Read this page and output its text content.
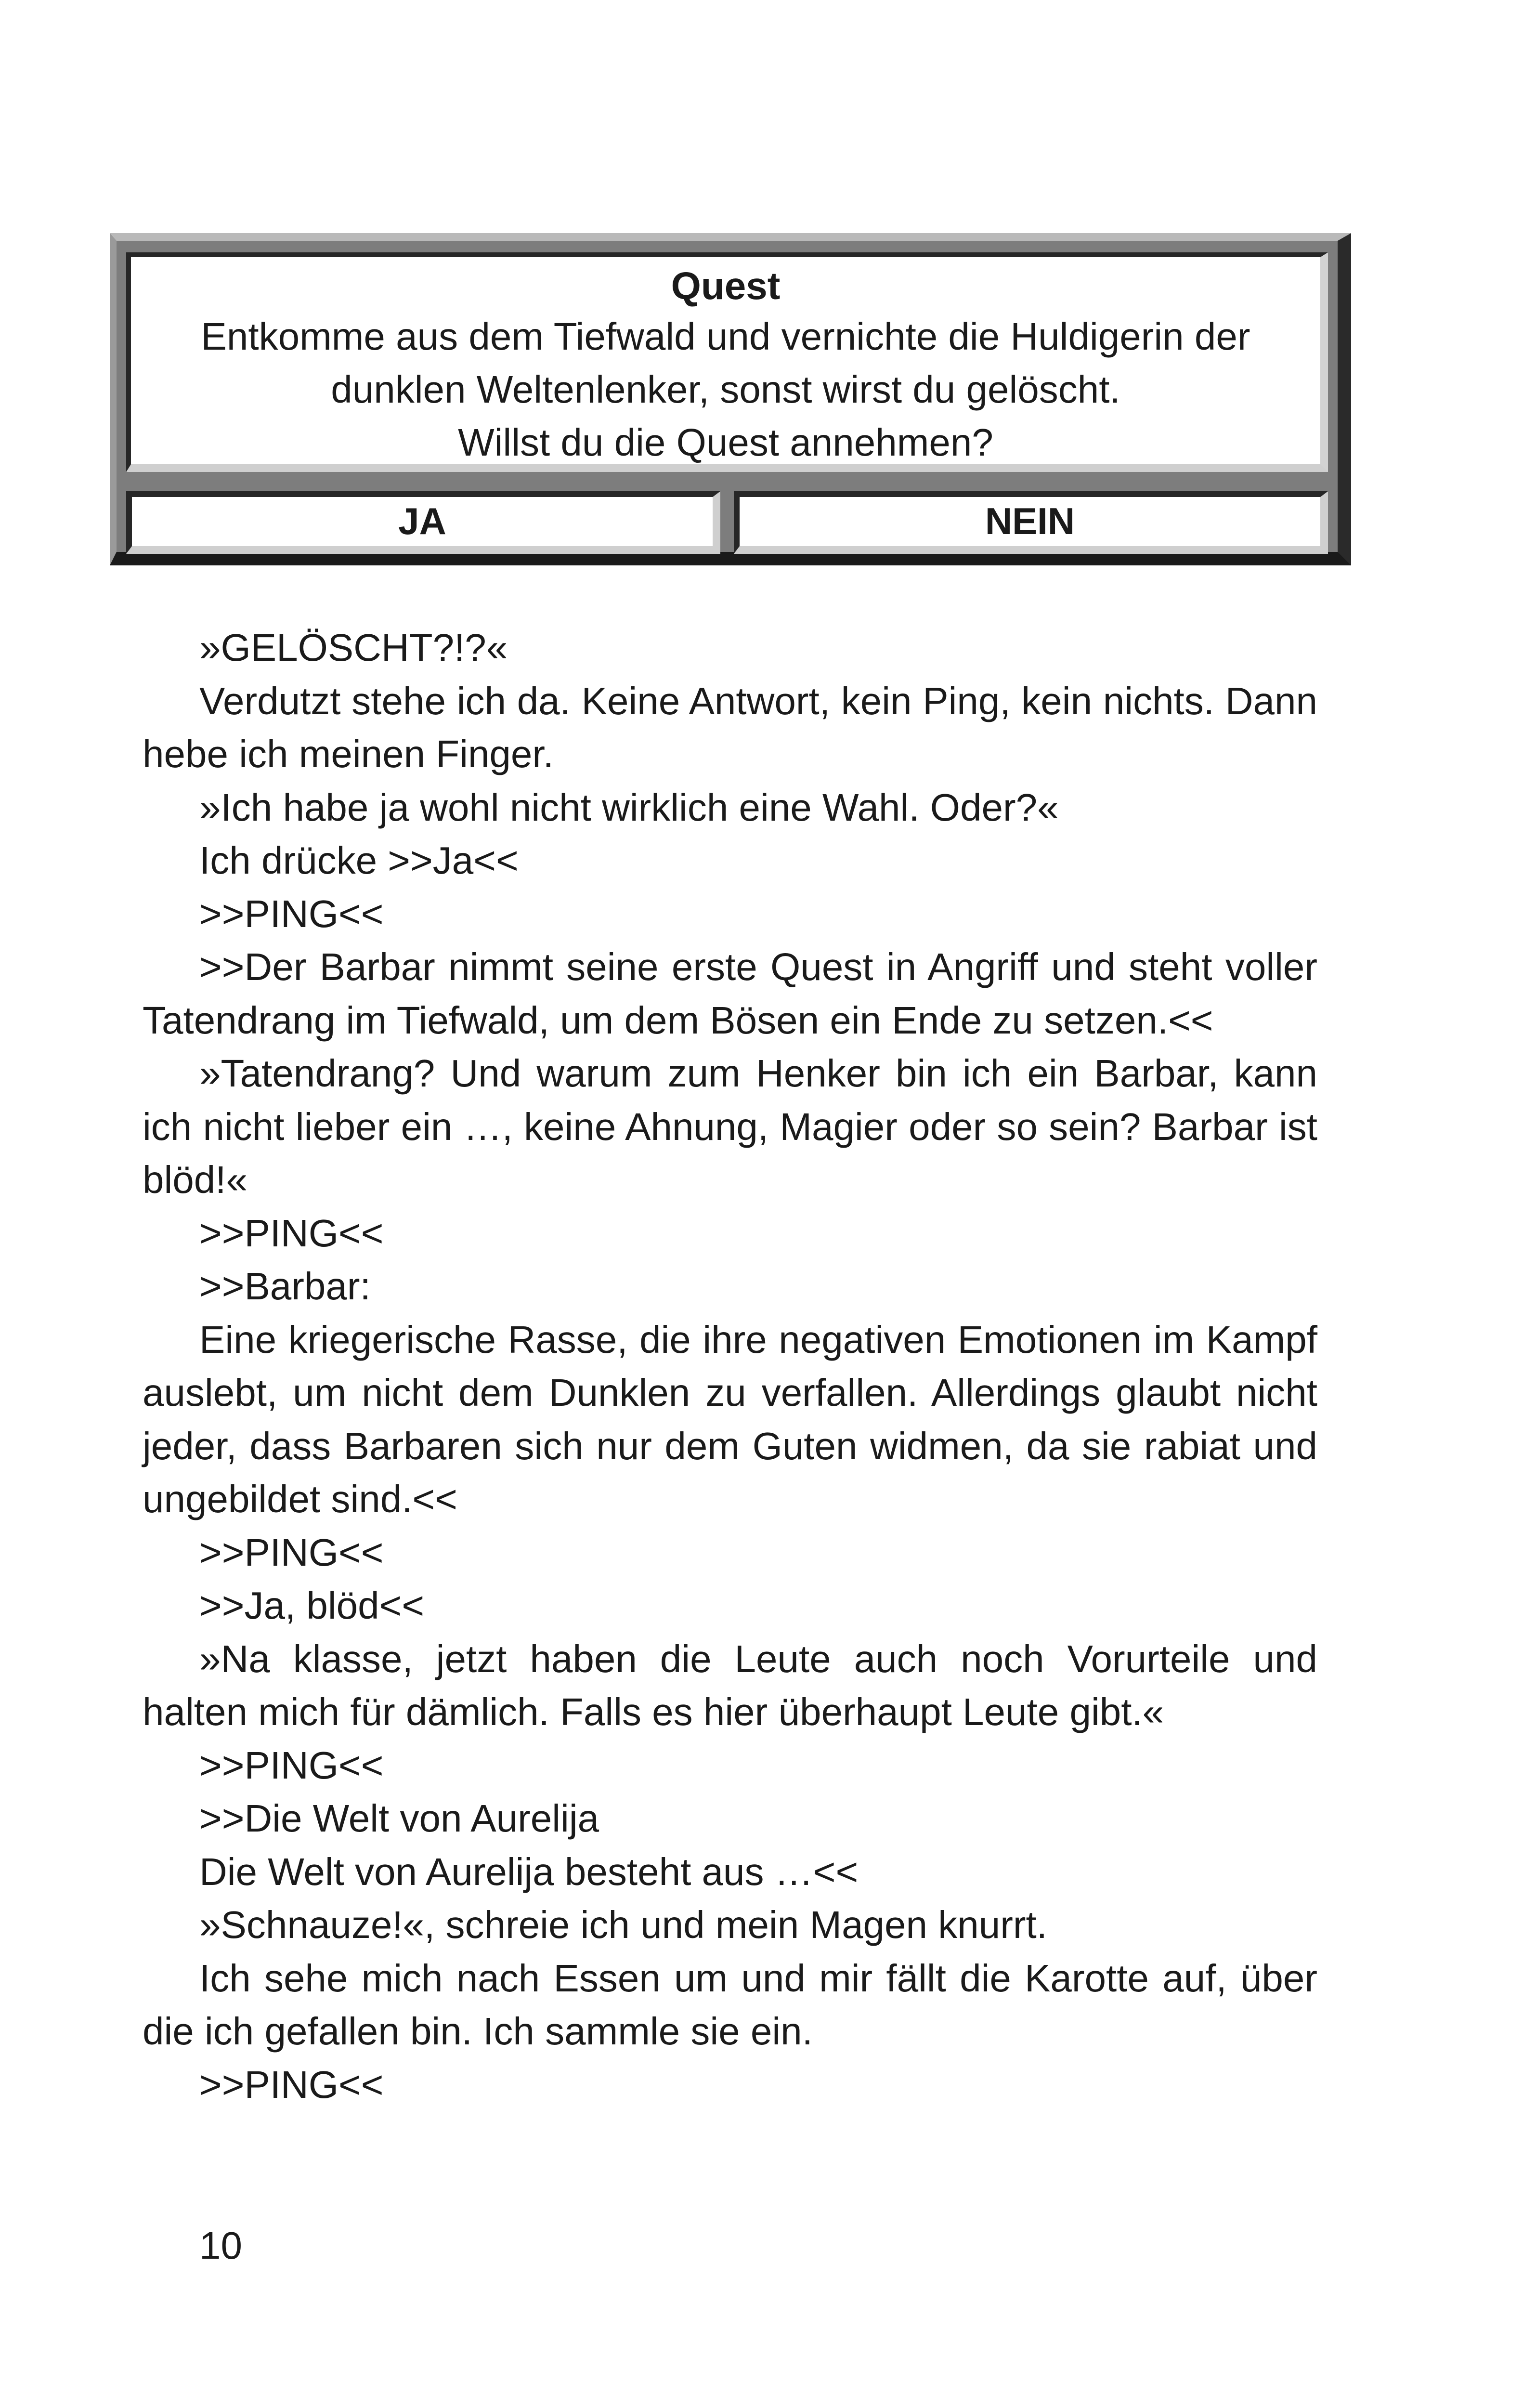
Quest
Entkomme aus dem Tiefwald und vernichte die Huldigerin der dunklen Weltenlenker, sonst wirst du gelöscht.
Willst du die Quest annehmen?
JA	NEIN

»GELÖSCHT?!?«

Verdutzt stehe ich da. Keine Antwort, kein Ping, kein nichts. Dann hebe ich meinen Finger.

»Ich habe ja wohl nicht wirklich eine Wahl. Oder?«

Ich drücke >>Ja<<

>>PING<<

>>Der Barbar nimmt seine erste Quest in Angriff und steht voller Tatendrang im Tiefwald, um dem Bösen ein Ende zu setzen.<<

»Tatendrang? Und warum zum Henker bin ich ein Barbar, kann ich nicht lieber ein …, keine Ahnung, Magier oder so sein? Barbar ist blöd!«

>>PING<<

>>Barbar:

Eine kriegerische Rasse, die ihre negativen Emotionen im Kampf auslebt, um nicht dem Dunklen zu verfallen. Allerdings glaubt nicht jeder, dass Barbaren sich nur dem Guten widmen, da sie rabiat und ungebildet sind.<<

>>PING<<

>>Ja, blöd<<

»Na klasse, jetzt haben die Leute auch noch Vorurteile und halten mich für dämlich. Falls es hier überhaupt Leute gibt.«

>>PING<<

>>Die Welt von Aurelija

Die Welt von Aurelija besteht aus …<<

»Schnauze!«, schreie ich und mein Magen knurrt.

Ich sehe mich nach Essen um und mir fällt die Karotte auf, über die ich gefallen bin. Ich sammle sie ein.

>>PING<<

10
